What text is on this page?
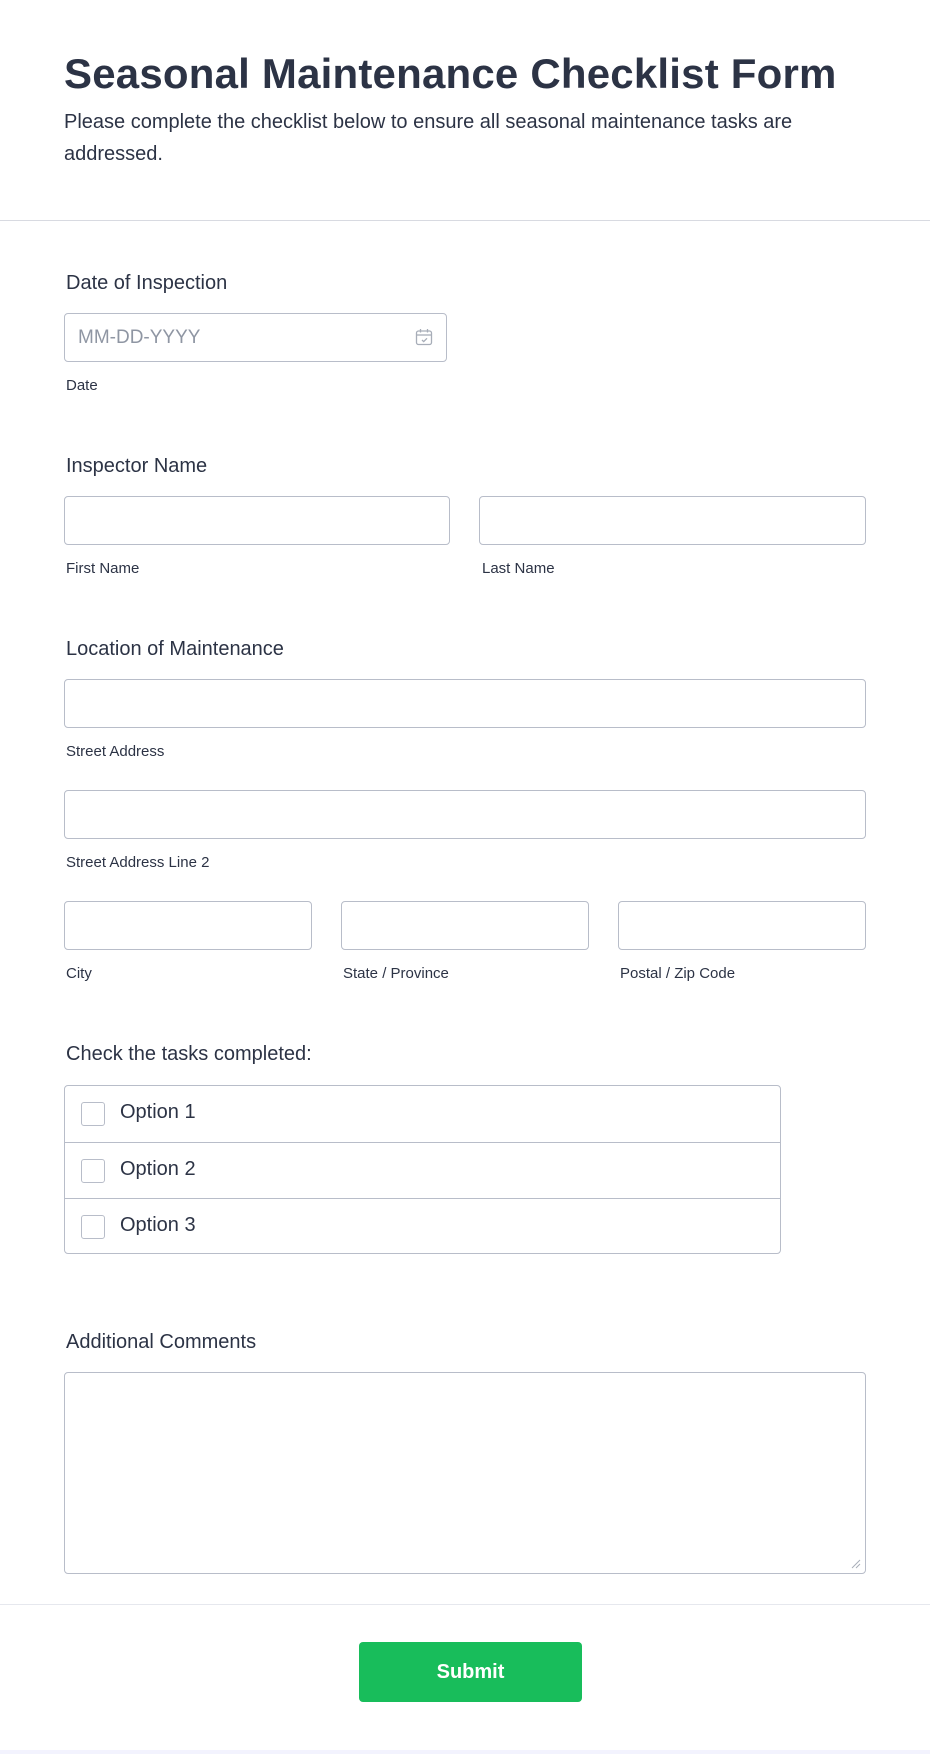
Seasonal Maintenance Checklist Form

Please complete the checklist below to ensure all seasonal maintenance tasks are addressed.

Date of Inspection
MM-DD-YYYY
Date
Inspector Name
First Name	Last Name
Location of Maintenance
Street Address
Street Address Line 2
City	State / Province	Postal / Zip Code
Check the tasks completed:
Option 1
Option 2
Option 3
Additional Comments
Submit
